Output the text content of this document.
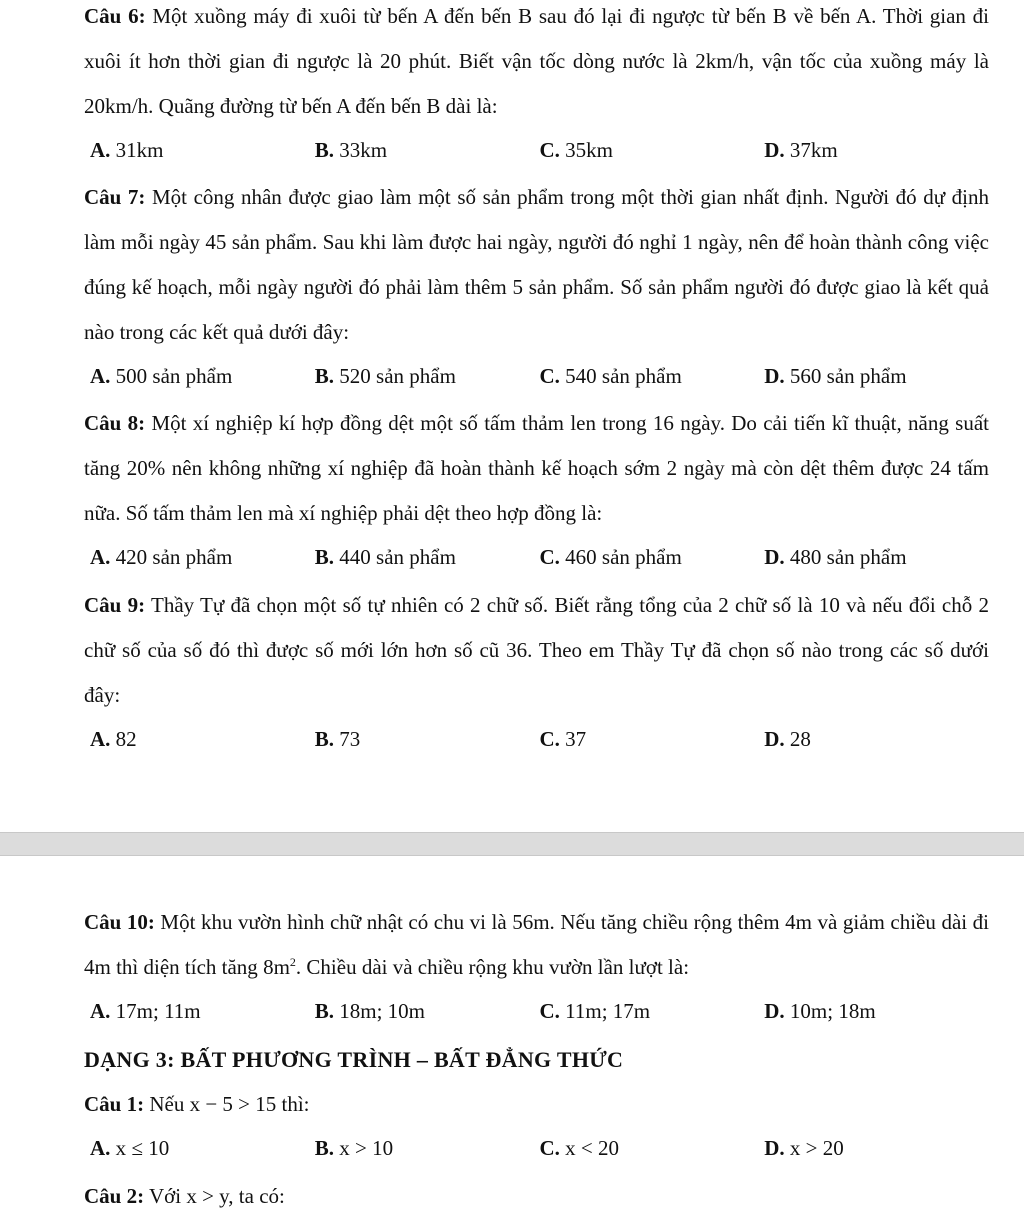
Câu 6: Một xuồng máy đi xuôi từ bến A đến bến B sau đó lại đi ngược từ bến B về bến A. Thời gian đi xuôi ít hơn thời gian đi ngược là 20 phút. Biết vận tốc dòng nước là 2km/h, vận tốc của xuồng máy là 20km/h. Quãng đường từ bến A đến bến B dài là:

A. 31km	B. 33km	C. 35km	D. 37km

Câu 7: Một công nhân được giao làm một số sản phẩm trong một thời gian nhất định. Người đó dự định làm mỗi ngày 45 sản phẩm. Sau khi làm được hai ngày, người đó nghỉ 1 ngày, nên để hoàn thành công việc đúng kế hoạch, mỗi ngày người đó phải làm thêm 5 sản phẩm. Số sản phẩm người đó được giao là kết quả nào trong các kết quả dưới đây:

A. 500 sản phẩm	B. 520 sản phẩm	C. 540 sản phẩm	D. 560 sản phẩm

Câu 8: Một xí nghiệp kí hợp đồng dệt một số tấm thảm len trong 16 ngày. Do cải tiến kĩ thuật, năng suất tăng 20% nên không những xí nghiệp đã hoàn thành kế hoạch sớm 2 ngày mà còn dệt thêm được 24 tấm nữa. Số tấm thảm len mà xí nghiệp phải dệt theo hợp đồng là:

A. 420 sản phẩm	B. 440 sản phẩm	C. 460 sản phẩm	D. 480 sản phẩm

Câu 9: Thầy Tự đã chọn một số tự nhiên có 2 chữ số. Biết rằng tổng của 2 chữ số là 10 và nếu đổi chỗ 2 chữ số của số đó thì được số mới lớn hơn số cũ 36. Theo em Thầy Tự đã chọn số nào trong các số dưới đây:

A. 82	B. 73	C. 37	D. 28

Câu 10: Một khu vườn hình chữ nhật có chu vi là 56m. Nếu tăng chiều rộng thêm 4m và giảm chiều dài đi 4m thì diện tích tăng $8m^2$. Chiều dài và chiều rộng khu vườn lần lượt là:

A. 17m; 11m	B. 18m; 10m	C. 11m; 17m	D. 10m; 18m
DẠNG 3: BẤT PHƯƠNG TRÌNH – BẤT ĐẲNG THỨC

Câu 1: Nếu x − 5 > 15 thì:

A. x ≤ 10	B. x > 10	C. x < 20	D. x > 20

Câu 2: Với x > y, ta có:
